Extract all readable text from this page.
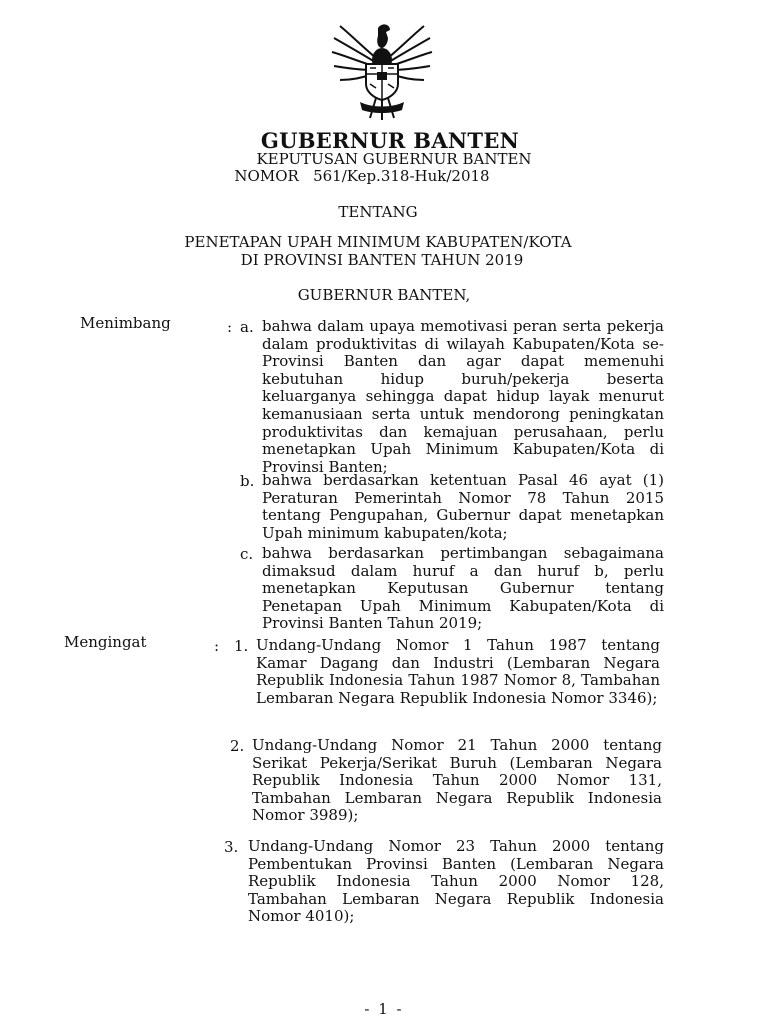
GUBERNUR BANTEN
KEPUTUSAN GUBERNUR BANTEN
NOMOR   561/Kep.318-Huk/2018
TENTANG
PENETAPAN UPAH MINIMUM KABUPATEN/KOTA
DI PROVINSI BANTEN TAHUN 2019
GUBERNUR BANTEN,
Menimbang	: a. bahwa dalam upaya memotivasi peran serta pekerja dalam produktivitas di wilayah Kabupaten/Kota se-Provinsi Banten dan agar dapat memenuhi kebutuhan hidup buruh/pekerja beserta keluarganya sehingga dapat hidup layak menurut kemanusiaan serta untuk mendorong peningkatan produktivitas dan kemajuan perusahaan, perlu menetapkan Upah Minimum Kabupaten/Kota di Provinsi Banten;

b. bahwa berdasarkan ketentuan Pasal 46 ayat (1) Peraturan Pemerintah Nomor 78 Tahun 2015 tentang Pengupahan, Gubernur dapat menetapkan Upah minimum kabupaten/kota;

c. bahwa berdasarkan pertimbangan sebagaimana dimaksud dalam huruf a dan huruf b, perlu menetapkan Keputusan Gubernur tentang Penetapan Upah Minimum Kabupaten/Kota di Provinsi Banten Tahun 2019;

Mengingat	: 1. Undang-Undang Nomor 1 Tahun 1987 tentang Kamar Dagang dan Industri (Lembaran Negara Republik Indonesia Tahun 1987 Nomor 8, Tambahan Lembaran Negara Republik Indonesia Nomor 3346);

2. Undang-Undang Nomor 21 Tahun 2000 tentang Serikat Pekerja/Serikat Buruh (Lembaran Negara Republik Indonesia Tahun 2000 Nomor 131, Tambahan Lembaran Negara Republik Indonesia Nomor 3989);

3. Undang-Undang Nomor 23 Tahun 2000 tentang Pembentukan Provinsi Banten (Lembaran Negara Republik Indonesia Tahun 2000 Nomor 128, Tambahan Lembaran Negara Republik Indonesia Nomor 4010);

- 1 -
